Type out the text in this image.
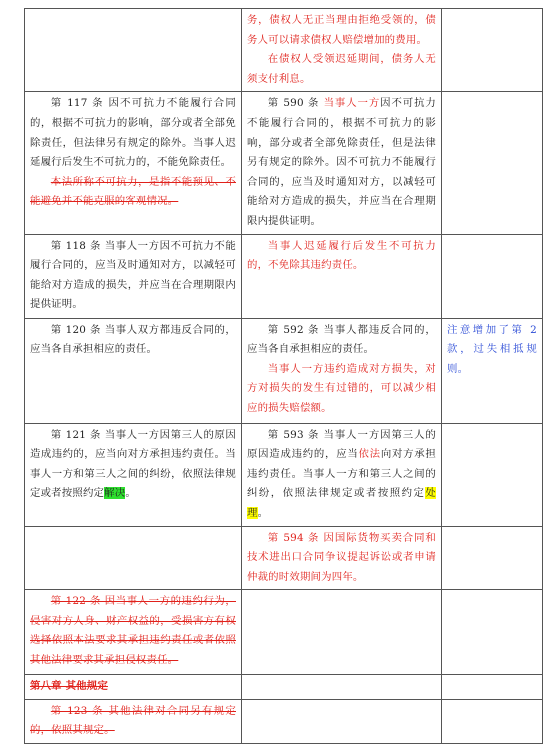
	务，债权人无正当理由拒绝受领的，债务人可以请求债权人赔偿增加的费用。

在债权人受领迟延期间，债务人无须支付利息。	

第 117 条 因不可抗力不能履行合同的，根据不可抗力的影响，部分或者全部免除责任，但法律另有规定的除外。当事人迟延履行后发生不可抗力的，不能免除责任。

本法所称不可抗力，是指不能预见、不能避免并不能克服的客观情况。	第 590 条 当事人一方因不可抗力不能履行合同的，根据不可抗力的影响，部分或者全部免除责任，但是法律另有规定的除外。因不可抗力不能履行合同的，应当及时通知对方，以减轻可能给对方造成的损失，并应当在合理期限内提供证明。	

第 118 条 当事人一方因不可抗力不能履行合同的，应当及时通知对方，以减轻可能给对方造成的损失，并应当在合理期限内提供证明。	当事人迟延履行后发生不可抗力的，不免除其违约责任。	

第 120 条 当事人双方都违反合同的，应当各自承担相应的责任。	第 592 条 当事人都违反合同的，应当各自承担相应的责任。

当事人一方违约造成对方损失，对方对损失的发生有过错的，可以减少相应的损失赔偿额。	注意增加了第 2 款，过失相抵规则。

第 121 条 当事人一方因第三人的原因造成违约的，应当向对方承担违约责任。当事人一方和第三人之间的纠纷，依照法律规定或者按照约定解决。	第 593 条 当事人一方因第三人的原因造成违约的，应当依法向对方承担违约责任。当事人一方和第三人之间的纠纷，依照法律规定或者按照约定处理。	

	第 594 条 因国际货物买卖合同和技术进出口合同争议提起诉讼或者申请仲裁的时效期间为四年。	

第 122 条 因当事人一方的违约行为，侵害对方人身、财产权益的，受损害方有权选择依照本法要求其承担违约责任或者依照其他法律要求其承担侵权责任。		

第八章 其他规定		

第 123 条 其他法律对合同另有规定的，依照其规定。		
